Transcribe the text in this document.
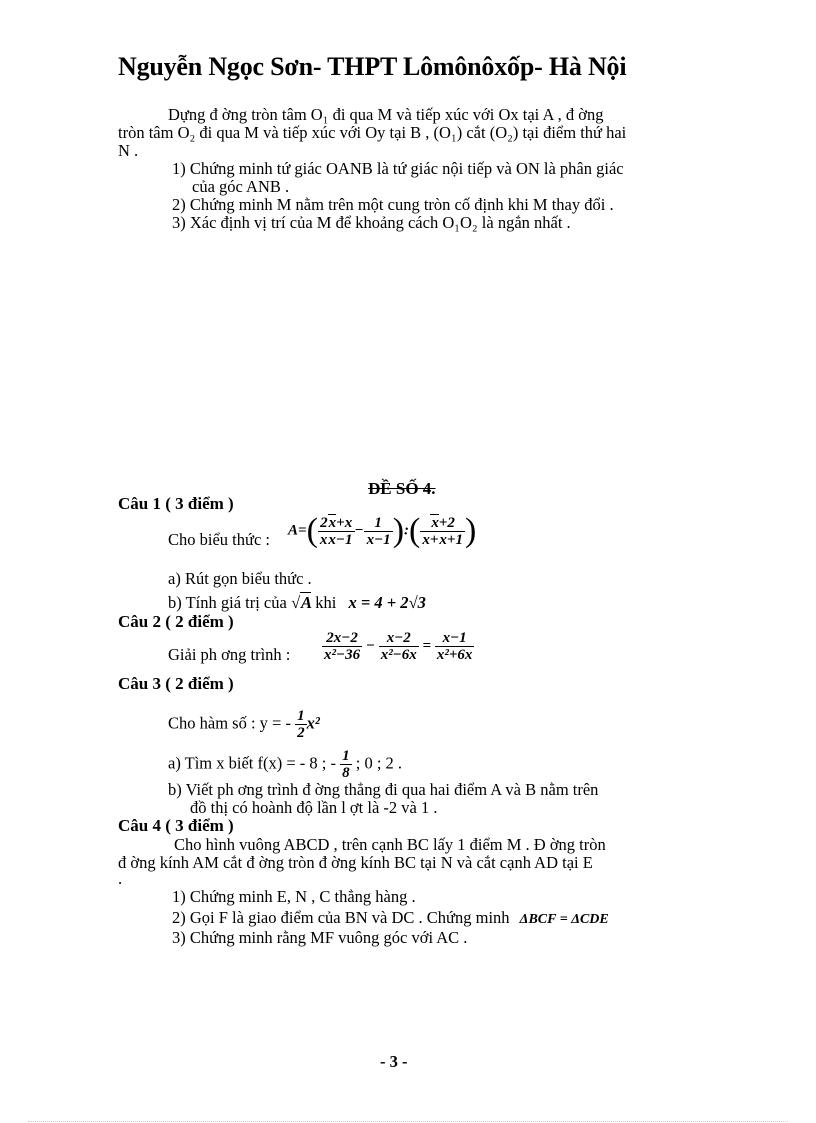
Nguyễn Ngọc Sơn- THPT Lômônôxốp- Hà Nội
Dựng đ ờng tròn tâm O₁ đi qua M và tiếp xúc với Ox tại A , đ ờng
tròn tâm O₂ đi qua M và tiếp xúc với Oy tại B , (O₁) cắt (O₂) tại điểm thứ hai
N .
1) Chứng minh tứ giác OANB là tứ giác nội tiếp và ON là phân giác
của góc ANB .
2) Chứng minh M nằm trên một cung tròn cố định khi M thay đổi .
3) Xác định vị trí của M để khoảng cách O₁O₂ là ngắn nhất .
ĐỀ SỐ 4.
Câu 1 ( 3 điểm )
Cho biểu thức : $A=( \frac{2x+x}{xx-1} - \frac{1}{x-1}$ ):( $\frac{x+2}{x+x+1}$ )
a) Rút gọn biểu thức .
b) Tính giá trị của √A khi x = 4 + 2√3
Câu 2 ( 2 điểm )
Giải ph ơng trình : $\frac{2x-2}{\text{x²−36}} - \frac{x-2}{\text{x²−6x}} = \frac{x-1}{\text{x²+6x}}$
Câu 3 ( 2 điểm )
Cho hàm số : y = - $\frac{1}{2} x^2$
a) Tìm x biết f(x) = - 8 ; - $\frac{1}{8}$ ; 0 ; 2 .
b) Viết ph ơng trình đ ờng thẳng đi qua hai điểm A và B nằm trên
đồ thị có hoành độ lần l ợt là -2 và 1 .
Câu 4 ( 3 điểm )
Cho hình vuông ABCD , trên cạnh BC lấy 1 điểm M . Đ ờng tròn
đ ờng kính AM cắt đ ờng tròn đ ờng kính BC tại N và cắt cạnh AD tại E
.
1) Chứng minh E, N , C thẳng hàng .
2) Gọi F là giao điểm của BN và DC . Chứng minh ΔBCF = ΔCDE
3) Chứng minh rằng MF vuông góc với AC .
- 3 -
